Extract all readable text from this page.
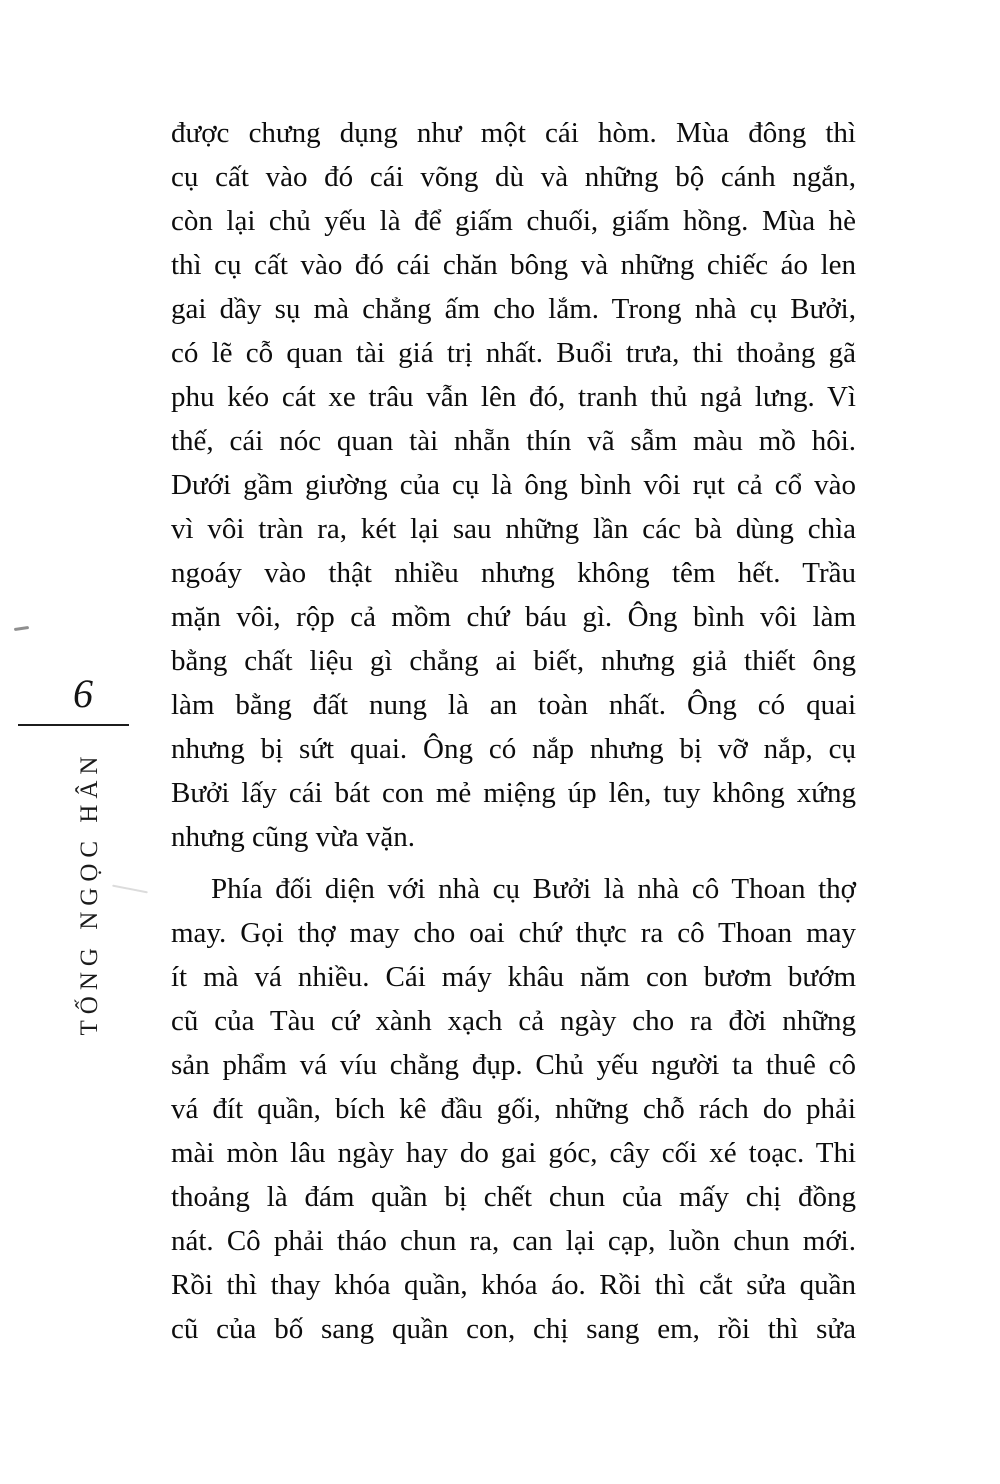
6
TỐNG NGỌC HÂN
được chưng dụng như một cái hòm. Mùa đông thì
cụ cất vào đó cái võng dù và những bộ cánh ngắn,
còn lại chủ yếu là để giấm chuối, giấm hồng. Mùa hè
thì cụ cất vào đó cái chăn bông và những chiếc áo len
gai dầy sụ mà chẳng ấm cho lắm. Trong nhà cụ Bưởi,
có lẽ cỗ quan tài giá trị nhất. Buổi trưa, thi thoảng gã
phu kéo cát xe trâu vẫn lên đó, tranh thủ ngả lưng. Vì
thế, cái nóc quan tài nhẵn thín vã sẫm màu mồ hôi.
Dưới gầm giường của cụ là ông bình vôi rụt cả cổ vào
vì vôi tràn ra, két lại sau những lần các bà dùng chìa
ngoáy vào thật nhiều nhưng không têm hết. Trầu
mặn vôi, rộp cả mồm chứ báu gì. Ông bình vôi làm
bằng chất liệu gì chẳng ai biết, nhưng giả thiết ông
làm bằng đất nung là an toàn nhất. Ông có quai
nhưng bị sứt quai. Ông có nắp nhưng bị vỡ nắp, cụ
Bưởi lấy cái bát con mẻ miệng úp lên, tuy không xứng
nhưng cũng vừa vặn.
Phía đối diện với nhà cụ Bưởi là nhà cô Thoan thợ
may. Gọi thợ may cho oai chứ thực ra cô Thoan may
ít mà vá nhiều. Cái máy khâu năm con bươm bướm
cũ của Tàu cứ xành xạch cả ngày cho ra đời những
sản phẩm vá víu chằng đụp. Chủ yếu người ta thuê cô
vá đít quần, bích kê đầu gối, những chỗ rách do phải
mài mòn lâu ngày hay do gai góc, cây cối xé toạc. Thi
thoảng là đám quần bị chết chun của mấy chị đồng
nát. Cô phải tháo chun ra, can lại cạp, luồn chun mới.
Rồi thì thay khóa quần, khóa áo. Rồi thì cắt sửa quần
cũ của bố sang quần con, chị sang em, rồi thì sửa
